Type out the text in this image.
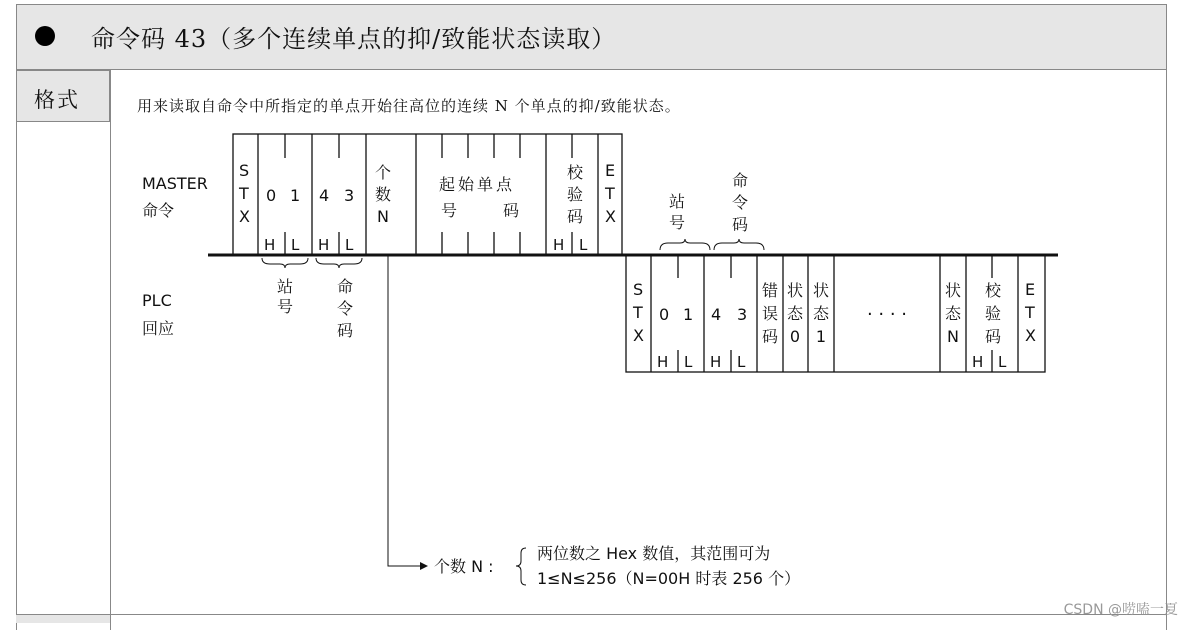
命令码 43（多个连续单点的抑/致能状态读取）
格式	用来读取自命令中所指定的单点开始往高位的连续 N 个单点的抑/致能状态。
MASTER
命令
S
T
X
0 1
H L
4 3
H L
个
数
N
起始单点
号	码
校
验
码
H L
E
T
X
站
号
命
令
码
PLC
回应
站
号
命
令
码
S
T
X
0 1
H L
4 3
H L
错
误
码
状
态
0
状
态
1
· · · ·
状
态
N
校
验
码
H L
E
T
X
个数 N :
两位数之 Hex 数值，其范围可为
1≤N≤256（N=00H 时表 256 个）
CSDN @唠嗑一夏
